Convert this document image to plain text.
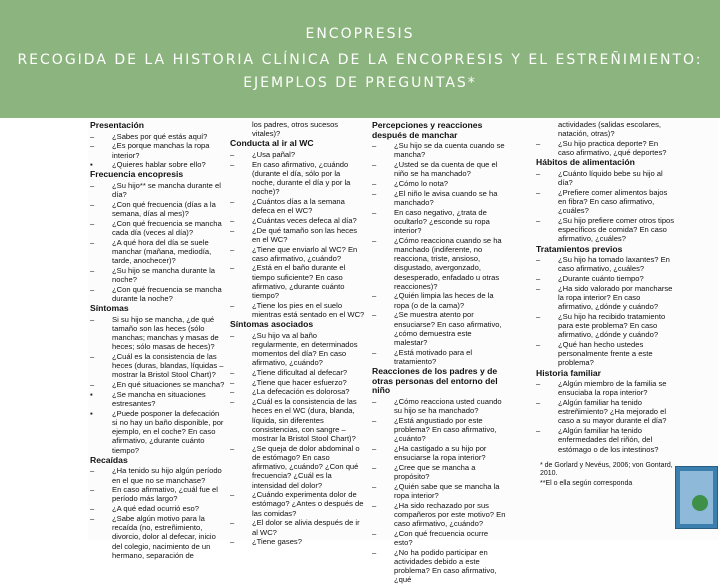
ENCOPRESIS
RECOGIDA DE LA HISTORIA CLÍNICA DE LA ENCOPRESIS Y EL ESTREÑIMIENTO: EJEMPLOS DE PREGUNTAS*
Presentación
– ¿Sabes por qué estás aquí?
– ¿Es porque manchas la ropa interior?
▪ ¿Quieres hablar sobre ello?
Frecuencia encopresis
– ¿Su hijo** se mancha durante el día?
– ¿Con qué frecuencia (días a la semana, días al mes)?
– ¿Con qué frecuencia se mancha cada día (veces al día)?
– ¿A qué hora del día se suele manchar (mañana, mediodía, tarde, anochecer)?
– ¿Su hijo se mancha durante la noche?
– ¿Con qué frecuencia se mancha durante la noche?
Síntomas
– Si su hijo se mancha, ¿de qué tamaño son las heces (sólo manchas; manchas y masas de heces; sólo masas de heces)?
– ¿Cuál es la consistencia de las heces (duras, blandas, líquidas – mostrar la Bristol Stool Chart)?
– ¿En qué situaciones se mancha?
▪ ¿Se mancha en situaciones estresantes?
▪ ¿Puede posponer la defecación si no hay un baño disponible, por ejemplo, en el coche? En caso afirmativo, ¿durante cuánto tiempo?
Recaídas
– ¿Ha tenido su hijo algún período en el que no se manchase?
– En caso afirmativo, ¿cuál fue el período más largo?
– ¿A qué edad ocurrió eso?
– ¿Sabe algún motivo para la recaída (no, estreñimiento, divorcio, dolor al defecar, inicio del colegio, nacimiento de un hermano, separación de
los padres, otros sucesos vitales)?
Conducta al ir al WC
– ¿Usa pañal?
– En caso afirmativo, ¿cuándo (durante el día, sólo por la noche, durante el día y por la noche)?
– ¿Cuántos días a la semana defeca en el WC?
– ¿Cuántas veces defeca al día?
– ¿De qué tamaño son las heces en el WC?
– ¿Tiene que enviarlo al WC? En caso afirmativo, ¿cuándo?
– ¿Está en el baño durante el tiempo suficiente? En caso afirmativo, ¿durante cuánto tiempo?
– ¿Tiene los pies en el suelo mientras está sentado en el WC?
Síntomas asociados
– ¿Su hijo va al baño regularmente, en determinados momentos del día? En caso afirmativo, ¿cuándo?
– ¿Tiene dificultad al defecar?
– ¿Tiene que hacer esfuerzo?
– ¿La defecación es dolorosa?
– ¿Cuál es la consistencia de las heces en el WC (dura, blanda, líquida, sin diferentes consistencias, con sangre – mostrar la Bristol Stool Chart)?
– ¿Se queja de dolor abdominal o de estómago? En caso afirmativo, ¿cuándo? ¿Con qué frecuencia? ¿Cuál es la intensidad del dolor?
– ¿Cuándo experimenta dolor de estómago? ¿Antes o después de las comidas?
– ¿El dolor se alivia después de ir al WC?
– ¿Tiene gases?
Percepciones y reacciones después de manchar
– ¿Su hijo se da cuenta cuando se mancha?
– ¿Usted se da cuenta de que el niño se ha manchado?
– ¿Cómo lo nota?
– ¿El niño le avisa cuando se ha manchado?
– En caso negativo, ¿trata de ocultarlo? ¿esconde su ropa interior?
– ¿Cómo reacciona cuando se ha manchado (indiferente, no reacciona, triste, ansioso, disgustado, avergonzado, desesperado, enfadado u otras reacciones)?
– ¿Quién limpia las heces de la ropa (o de la cama)?
– ¿Se muestra atento por ensuciarse? En caso afirmativo, ¿cómo demuestra este malestar?
– ¿Está motivado para el tratamiento?
Reacciones de los padres y de otras personas del entorno del niño
– ¿Cómo reacciona usted cuando su hijo se ha manchado?
– ¿Está angustiado por este problema? En caso afirmativo, ¿cuánto?
– ¿Ha castigado a su hijo por ensuciarse la ropa interior?
– ¿Cree que se mancha a propósito?
– ¿Quién sabe que se mancha la ropa interior?
– ¿Ha sido rechazado por sus compañeros por este motivo? En caso afirmativo, ¿cuándo?
– ¿Con qué frecuencia ocurre esto?
– ¿No ha podido participar en actividades debido a este problema? En caso afirmativo, ¿qué
actividades (salidas escolares, natación, otras)?
– ¿Su hijo practica deporte? En caso afirmativo, ¿qué deportes?
Hábitos de alimentación
– ¿Cuánto líquido bebe su hijo al día?
– ¿Prefiere comer alimentos bajos en fibra? En caso afirmativo, ¿cuáles?
– ¿Su hijo prefiere comer otros tipos específicos de comida? En caso afirmativo, ¿cuáles?
Tratamientos previos
– ¿Su hijo ha tomado laxantes? En caso afirmativo, ¿cuáles?
– ¿Durante cuánto tiempo?
– ¿Ha sido valorado por mancharse la ropa interior? En caso afirmativo, ¿dónde y cuándo?
– ¿Su hijo ha recibido tratamiento para este problema? En caso afirmativo, ¿dónde y cuándo?
– ¿Qué han hecho ustedes personalmente frente a este problema?
Historia familiar
– ¿Algún miembro de la familia se ensuciaba la ropa interior?
– ¿Algún familiar ha tenido estreñimiento? ¿Ha mejorado el caso a su mayor durante el día?
– ¿Algún familiar ha tenido enfermedades del riñón, del estómago o de los intestinos?
* de Gorlard y Nevéus, 2006; von Gontard, 2010.
**El o ella según corresponda
